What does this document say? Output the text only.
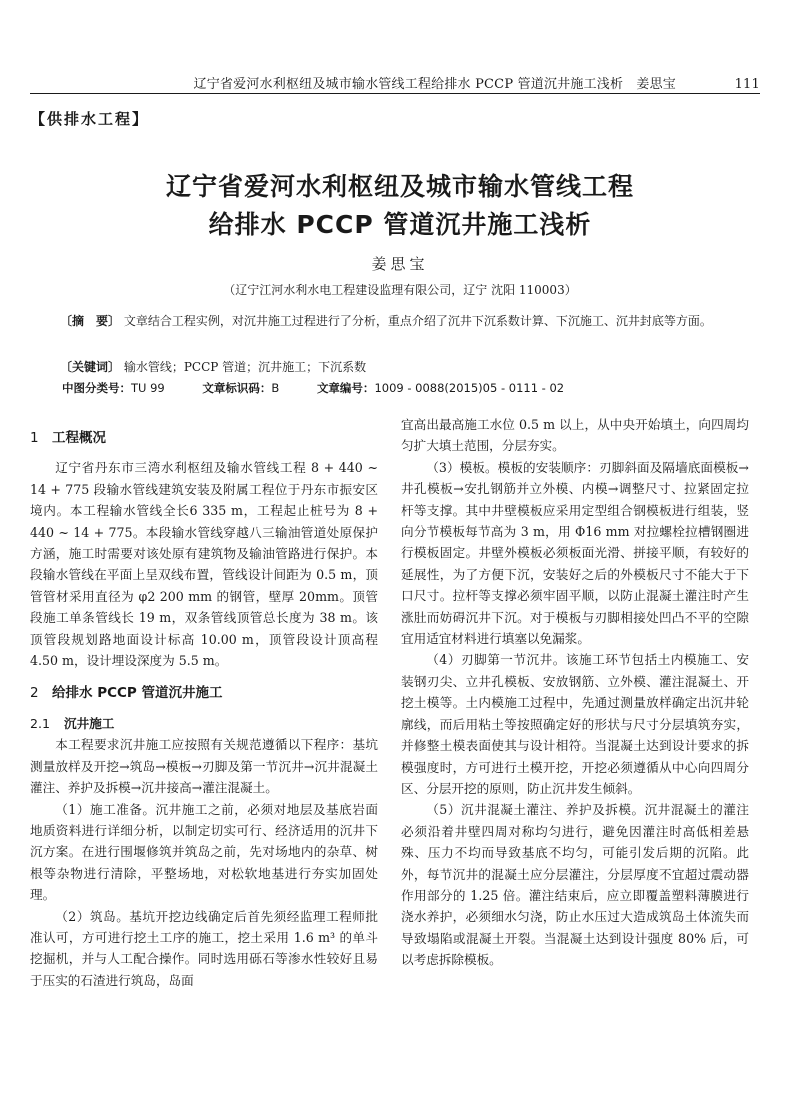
辽宁省爱河水利枢纽及城市输水管线工程给排水 PCCP 管道沉井施工浅析　姜思宝	111
【供排水工程】
辽宁省爱河水利枢纽及城市输水管线工程
给排水 PCCP 管道沉井施工浅析
姜思宝
（辽宁江河水利水电工程建设监理有限公司，辽宁 沈阳 110003）
〔摘　要〕 文章结合工程实例，对沉井施工过程进行了分析，重点介绍了沉井下沉系数计算、下沉施工、沉井封底等方面。
〔关键词〕 输水管线；PCCP 管道；沉井施工；下沉系数
中图分类号：TU 99	文章标识码：B	文章编号：1009 - 0088(2015)05 - 0111 - 02
1 工程概况

辽宁省丹东市三湾水利枢纽及输水管线工程 8 + 440 ~ 14 + 775 段输水管线建筑安装及附属工程位于丹东市振安区境内。本工程输水管线全长6 335 m，工程起止桩号为 8 + 440 ~ 14 + 775。本段输水管线穿越八三输油管道处原保护方涵，施工时需要对该处原有建筑物及输油管路进行保护。本段输水管线在平面上呈双线布置，管线设计间距为 0.5 m，顶管管材采用直径为 φ2 200 mm 的钢管，壁厚 20mm。顶管段施工单条管线长 19 m，双条管线顶管总长度为 38 m。该顶管段规划路地面设计标高 10.00 m，顶管段设计顶高程 4.50 m，设计埋设深度为 5.5 m。

2 给排水 PCCP 管道沉井施工
2.1 沉井施工

本工程要求沉井施工应按照有关规范遵循以下程序：基坑测量放样及开挖→筑岛→模板→刃脚及第一节沉井→沉井混凝土灌注、养护及拆模→沉井接高→灌注混凝土。

（1）施工准备。沉井施工之前，必须对地层及基底岩面地质资料进行详细分析，以制定切实可行、经济适用的沉井下沉方案。在进行围堰修筑并筑岛之前，先对场地内的杂草、树根等杂物进行清除，平整场地，对松软地基进行夯实加固处理。

（2）筑岛。基坑开挖边线确定后首先须经监理工程师批准认可，方可进行挖土工序的施工，挖土采用 1.6 m³ 的单斗挖掘机，并与人工配合操作。同时选用砾石等渗水性较好且易于压实的石渣进行筑岛，岛面

宜高出最高施工水位 0.5 m 以上，从中央开始填土，向四周均匀扩大填土范围，分层夯实。

（3）模板。模板的安装顺序：刃脚斜面及隔墙底面模板→井孔模板→安扎钢筋并立外模、内模→调整尺寸、拉紧固定拉杆等支撑。其中井壁模板应采用定型组合钢模板进行组装，竖向分节模板每节高为 3 m，用 Φ16 mm 对拉螺栓拉槽钢圈进行模板固定。井壁外模板必须板面光滑、拼接平顺，有较好的延展性，为了方便下沉，安装好之后的外模板尺寸不能大于下口尺寸。拉杆等支撑必须牢固平顺，以防止混凝土灌注时产生涨肚而妨碍沉井下沉。对于模板与刃脚相接处凹凸不平的空隙宜用适宜材料进行填塞以免漏浆。

（4）刃脚第一节沉井。该施工环节包括土内模施工、安装钢刃尖、立井孔模板、安放钢筋、立外模、灌注混凝土、开挖土模等。土内模施工过程中，先通过测量放样确定出沉井轮廓线，而后用粘土等按照确定好的形状与尺寸分层填筑夯实，并修整土模表面使其与设计相符。当混凝土达到设计要求的拆模强度时，方可进行土模开挖，开挖必须遵循从中心向四周分区、分层开挖的原则，防止沉井发生倾斜。

（5）沉井混凝土灌注、养护及拆模。沉井混凝土的灌注必须沿着井壁四周对称均匀进行，避免因灌注时高低相差悬殊、压力不均而导致基底不均匀，可能引发后期的沉陷。此外，每节沉井的混凝土应分层灌注，分层厚度不宜超过震动器作用部分的 1.25 倍。灌注结束后，应立即覆盖塑料薄膜进行浇水养护，必须细水匀浇，防止水压过大造成筑岛土体流失而导致塌陷或混凝土开裂。当混凝土达到设计强度 80% 后，可以考虑拆除模板。
